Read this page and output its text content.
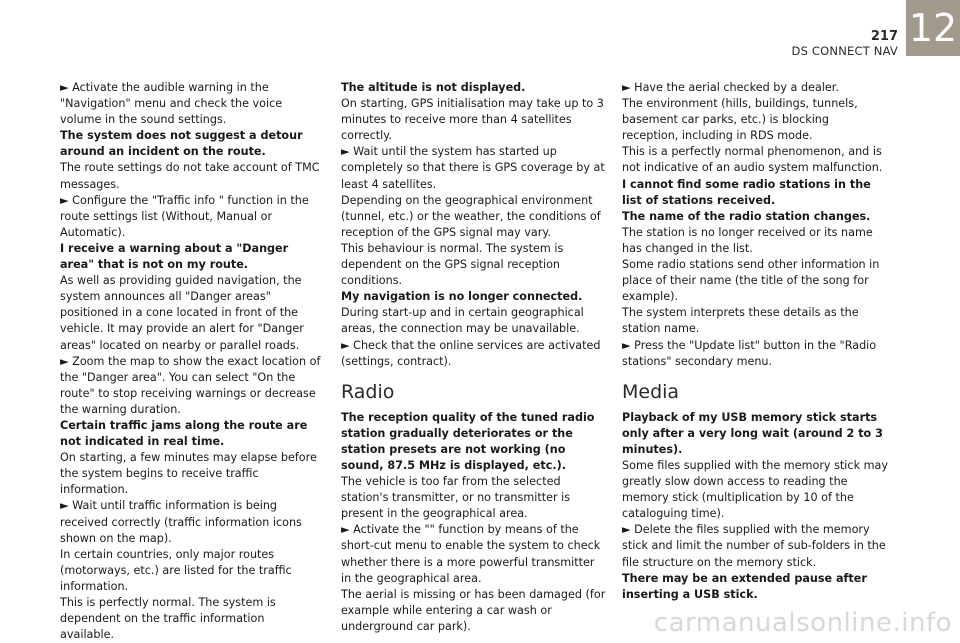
217
DS CONNECT NAV
12

► Activate the audible warning in the "Navigation" menu and check the voice volume in the sound settings.

The system does not suggest a detour around an incident on the route.

The route settings do not take account of TMC messages.

► Configure the "Traffic info " function in the route settings list (Without, Manual or Automatic).

I receive a warning about a "Danger area" that is not on my route.

As well as providing guided navigation, the system announces all "Danger areas" positioned in a cone located in front of the vehicle. It may provide an alert for "Danger areas" located on nearby or parallel roads.

► Zoom the map to show the exact location of the "Danger area". You can select "On the route" to stop receiving warnings or decrease the warning duration.

Certain traffic jams along the route are not indicated in real time.

On starting, a few minutes may elapse before the system begins to receive traffic information.

► Wait until traffic information is being received correctly (traffic information icons shown on the map).

In certain countries, only major routes (motorways, etc.) are listed for the traffic information.

This is perfectly normal. The system is dependent on the traffic information available.

The altitude is not displayed.

On starting, GPS initialisation may take up to 3 minutes to receive more than 4 satellites correctly.

► Wait until the system has started up completely so that there is GPS coverage by at least 4 satellites.

Depending on the geographical environment (tunnel, etc.) or the weather, the conditions of reception of the GPS signal may vary.

This behaviour is normal. The system is dependent on the GPS signal reception conditions.

My navigation is no longer connected.

During start-up and in certain geographical areas, the connection may be unavailable.

► Check that the online services are activated (settings, contract).

Radio

The reception quality of the tuned radio station gradually deteriorates or the station presets are not working (no sound, 87.5 MHz is displayed, etc.).

The vehicle is too far from the selected station's transmitter, or no transmitter is present in the geographical area.

► Activate the "" function by means of the short-cut menu to enable the system to check whether there is a more powerful transmitter in the geographical area.

The aerial is missing or has been damaged (for example while entering a car wash or underground car park).

► Have the aerial checked by a dealer.

The environment (hills, buildings, tunnels, basement car parks, etc.) is blocking reception, including in RDS mode.

This is a perfectly normal phenomenon, and is not indicative of an audio system malfunction.

I cannot find some radio stations in the list of stations received.

The name of the radio station changes.

The station is no longer received or its name has changed in the list.

Some radio stations send other information in place of their name (the title of the song for example).

The system interprets these details as the station name.

► Press the "Update list" button in the "Radio stations" secondary menu.

Media

Playback of my USB memory stick starts only after a very long wait (around 2 to 3 minutes).

Some files supplied with the memory stick may greatly slow down access to reading the memory stick (multiplication by 10 of the cataloguing time).

► Delete the files supplied with the memory stick and limit the number of sub-folders in the file structure on the memory stick.

There may be an extended pause after inserting a USB stick.

carmanualsonline.info
